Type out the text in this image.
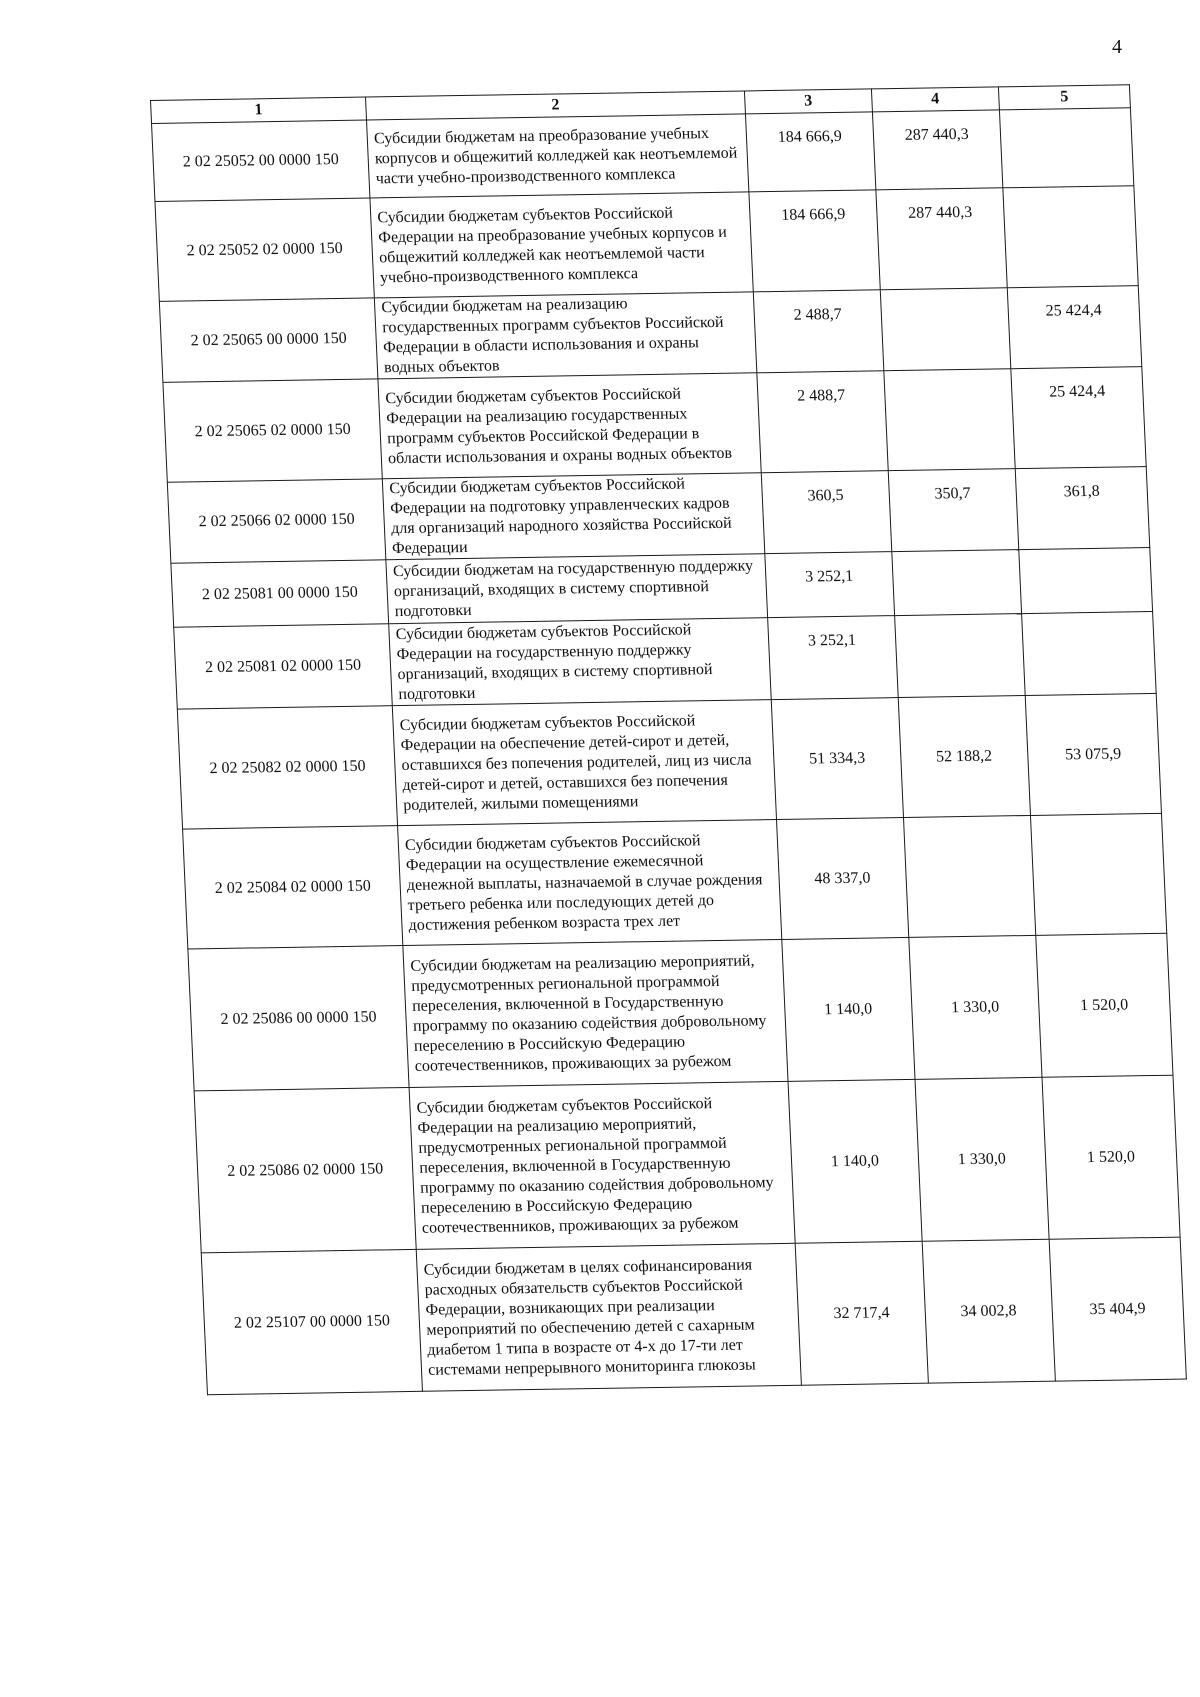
4
1	2	3	4	5
2 02 25052 00 0000 150	Субсидии бюджетам на преобразование учебных корпусов и общежитий колледжей как неотъемлемой части учебно-производственного комплекса	184 666,9	287 440,3	
2 02 25052 02 0000 150	Субсидии бюджетам субъектов Российской Федерации на преобразование учебных корпусов и общежитий колледжей как неотъемлемой части учебно-производственного комплекса	184 666,9	287 440,3	
2 02 25065 00 0000 150	Субсидии бюджетам на реализацию государственных программ субъектов Российской Федерации в области использования и охраны водных объектов	2 488,7		25 424,4
2 02 25065 02 0000 150	Субсидии бюджетам субъектов Российской Федерации на реализацию государственных программ субъектов Российской Федерации в области использования и охраны водных объектов	2 488,7		25 424,4
2 02 25066 02 0000 150	Субсидии бюджетам субъектов Российской Федерации на подготовку управленческих кадров для организаций народного хозяйства Российской Федерации	360,5	350,7	361,8
2 02 25081 00 0000 150	Субсидии бюджетам на государственную поддержку организаций, входящих в систему спортивной подготовки	3 252,1		
2 02 25081 02 0000 150	Субсидии бюджетам субъектов Российской Федерации на государственную поддержку организаций, входящих в систему спортивной подготовки	3 252,1		
2 02 25082 02 0000 150	Субсидии бюджетам субъектов Российской Федерации на обеспечение детей-сирот и детей, оставшихся без попечения родителей, лиц из числа детей-сирот и детей, оставшихся без попечения родителей, жилыми помещениями	51 334,3	52 188,2	53 075,9
2 02 25084 02 0000 150	Субсидии бюджетам субъектов Российской Федерации на осуществление ежемесячной денежной выплаты, назначаемой в случае рождения третьего ребенка или последующих детей до достижения ребенком возраста трех лет	48 337,0		
2 02 25086 00 0000 150	Субсидии бюджетам на реализацию мероприятий, предусмотренных региональной программой переселения, включенной в Государственную программу по оказанию содействия добровольному переселению в Российскую Федерацию соотечественников, проживающих за рубежом	1 140,0	1 330,0	1 520,0
2 02 25086 02 0000 150	Субсидии бюджетам субъектов Российской Федерации на реализацию мероприятий, предусмотренных региональной программой переселения, включенной в Государственную программу по оказанию содействия добровольному переселению в Российскую Федерацию соотечественников, проживающих за рубежом	1 140,0	1 330,0	1 520,0
2 02 25107 00 0000 150	Субсидии бюджетам в целях софинансирования расходных обязательств субъектов Российской Федерации, возникающих при реализации мероприятий по обеспечению детей с сахарным диабетом 1 типа в возрасте от 4-х до 17-ти лет системами непрерывного мониторинга глюкозы	32 717,4	34 002,8	35 404,9
